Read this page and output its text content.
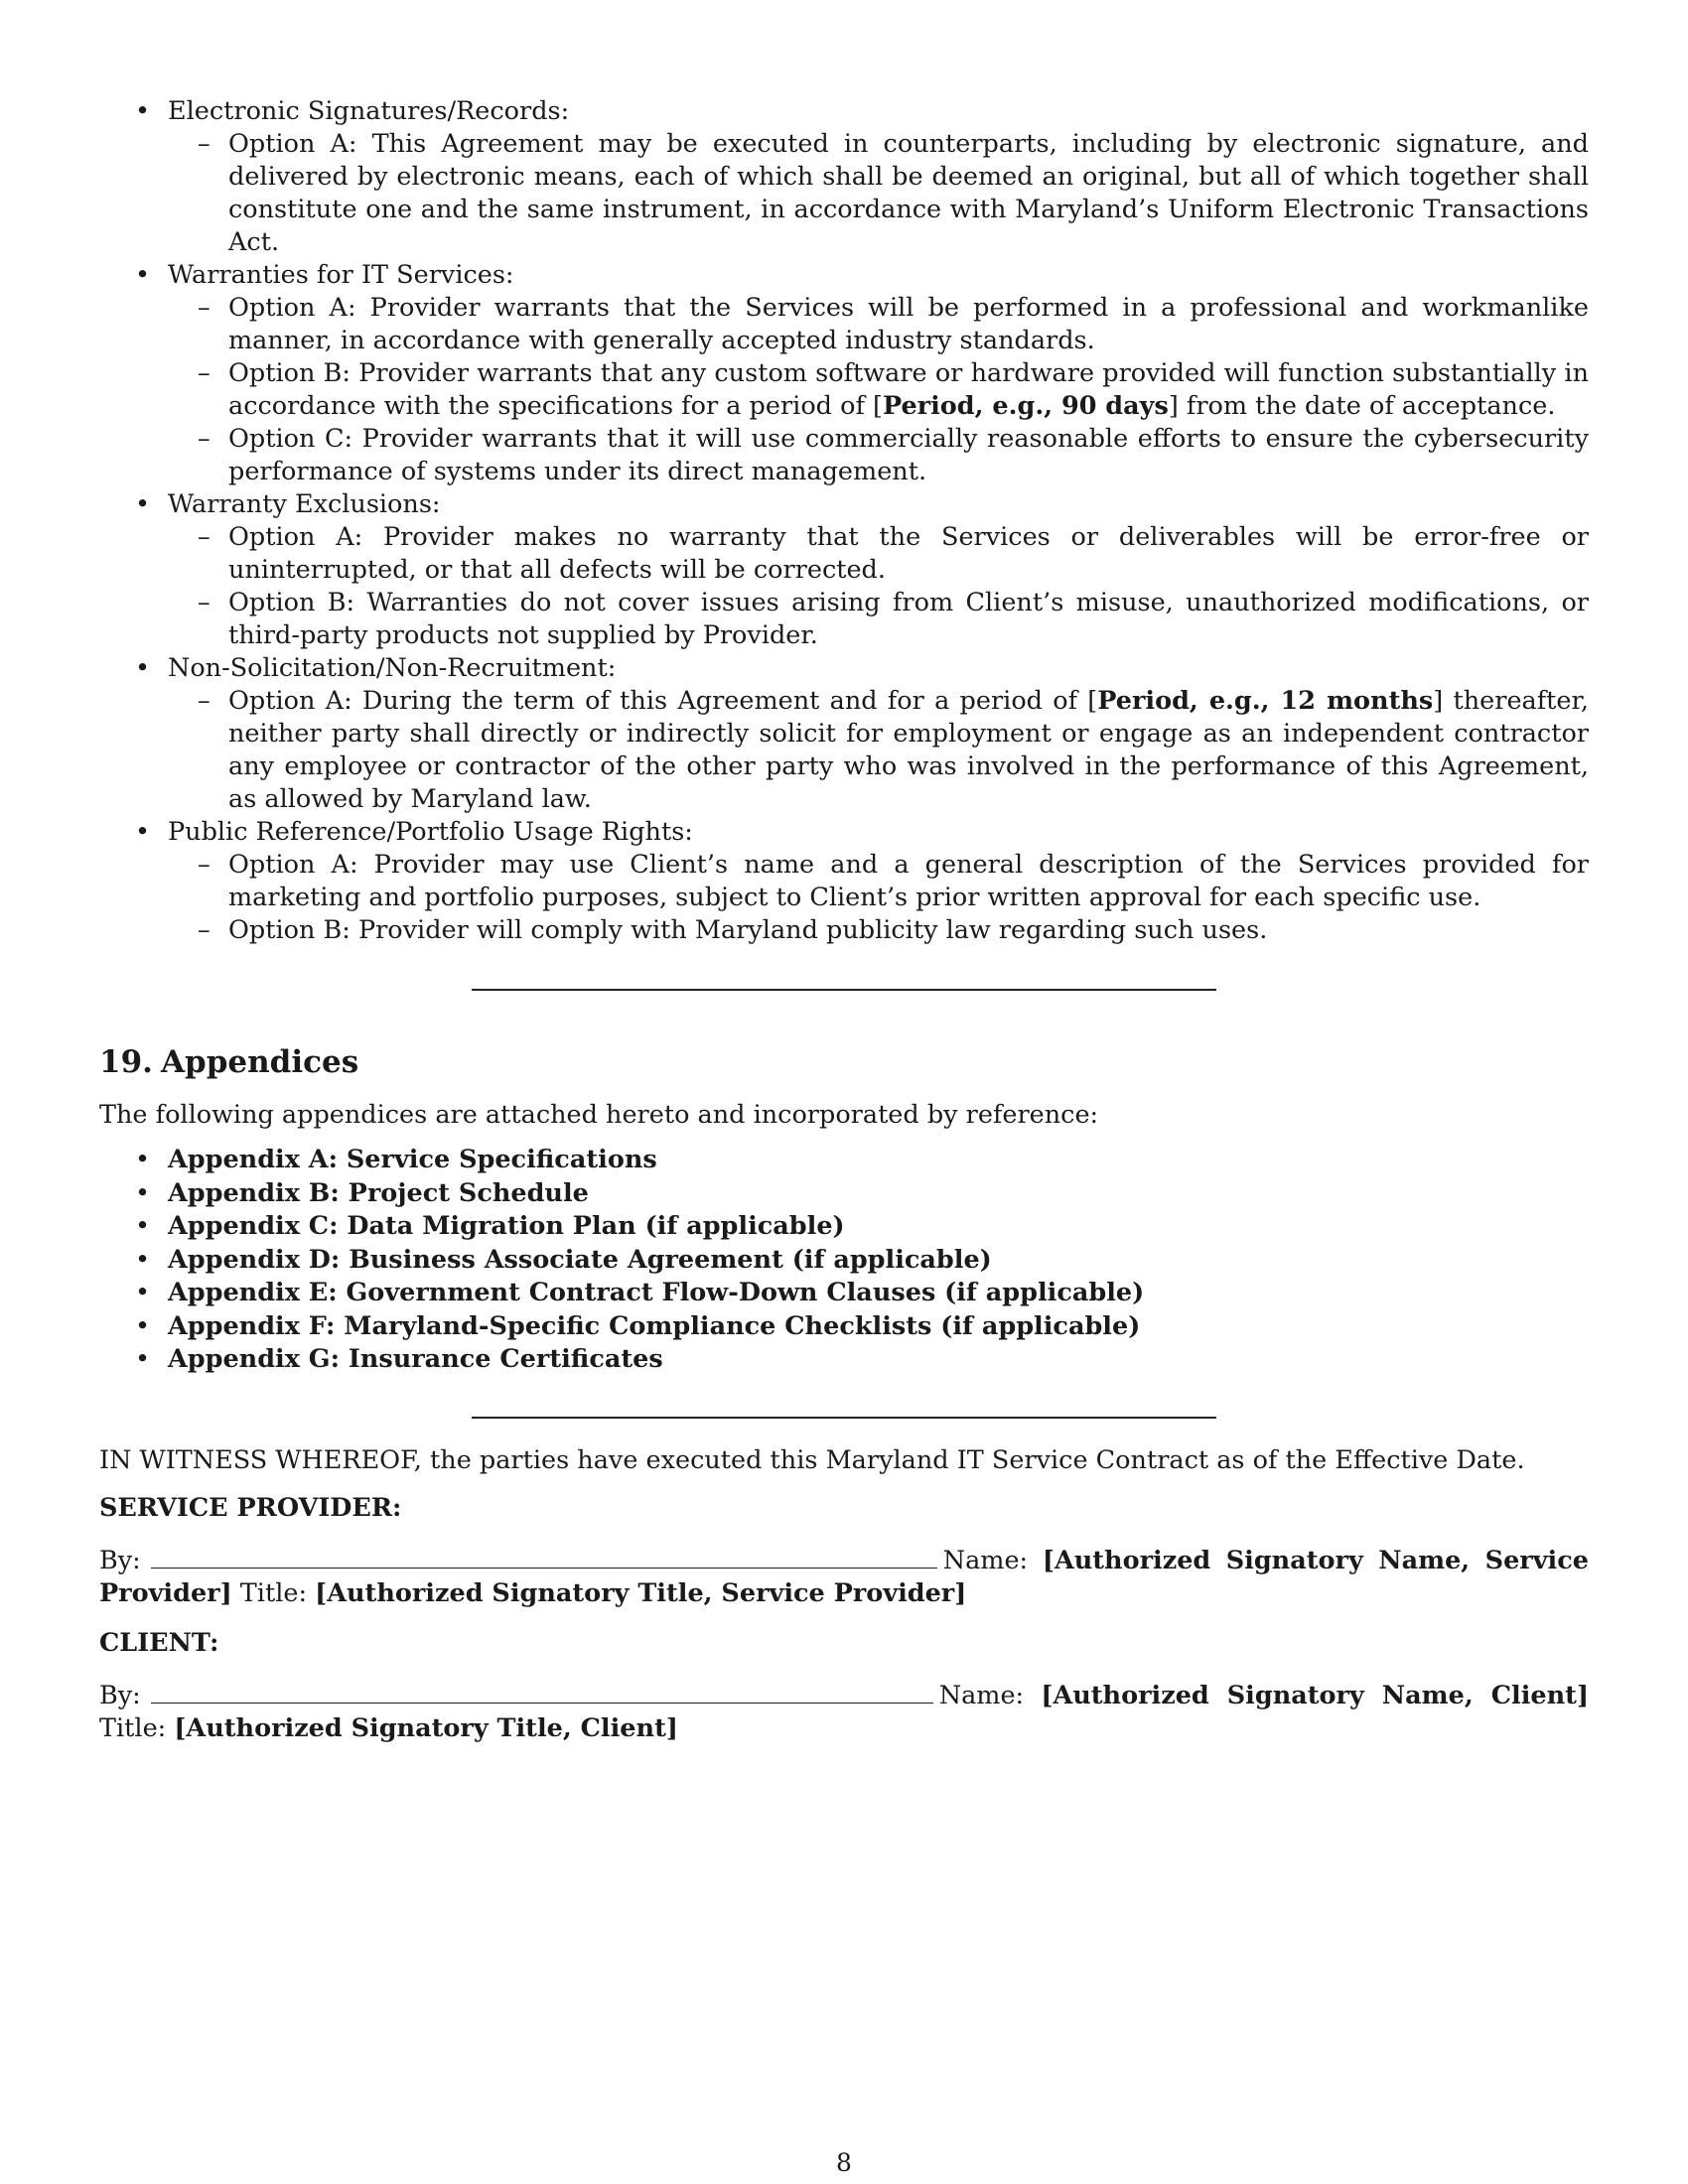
• Electronic Signatures/Records:
– Option A: This Agreement may be executed in counterparts, including by electronic signature, and delivered by electronic means, each of which shall be deemed an original, but all of which together shall constitute one and the same instrument, in accordance with Maryland’s Uniform Electronic Transactions Act.
• Warranties for IT Services:
– Option A: Provider warrants that the Services will be performed in a professional and workmanlike manner, in accordance with generally accepted industry standards.
– Option B: Provider warrants that any custom software or hardware provided will function substantially in accordance with the specifications for a period of [Period, e.g., 90 days] from the date of acceptance.
– Option C: Provider warrants that it will use commercially reasonable efforts to ensure the cybersecurity performance of systems under its direct management.
• Warranty Exclusions:
– Option A: Provider makes no warranty that the Services or deliverables will be error-free or uninterrupted, or that all defects will be corrected.
– Option B: Warranties do not cover issues arising from Client’s misuse, unauthorized modifications, or third-party products not supplied by Provider.
• Non-Solicitation/Non-Recruitment:
– Option A: During the term of this Agreement and for a period of [Period, e.g., 12 months] thereafter, neither party shall directly or indirectly solicit for employment or engage as an independent contractor any employee or contractor of the other party who was involved in the performance of this Agreement, as allowed by Maryland law.
• Public Reference/Portfolio Usage Rights:
– Option A: Provider may use Client’s name and a general description of the Services provided for marketing and portfolio purposes, subject to Client’s prior written approval for each specific use.
– Option B: Provider will comply with Maryland publicity law regarding such uses.
19. Appendices

The following appendices are attached hereto and incorporated by reference:

• Appendix A: Service Specifications
• Appendix B: Project Schedule
• Appendix C: Data Migration Plan (if applicable)
• Appendix D: Business Associate Agreement (if applicable)
• Appendix E: Government Contract Flow-Down Clauses (if applicable)
• Appendix F: Maryland-Specific Compliance Checklists (if applicable)
• Appendix G: Insurance Certificates

IN WITNESS WHEREOF, the parties have executed this Maryland IT Service Contract as of the Effective Date.

SERVICE PROVIDER:

By:	Name: [Authorized Signatory Name, Service Provider] Title: [Authorized Signatory Title, Service Provider]

CLIENT:

By:	Name: [Authorized Signatory Name, Client] Title: [Authorized Signatory Title, Client]

8
